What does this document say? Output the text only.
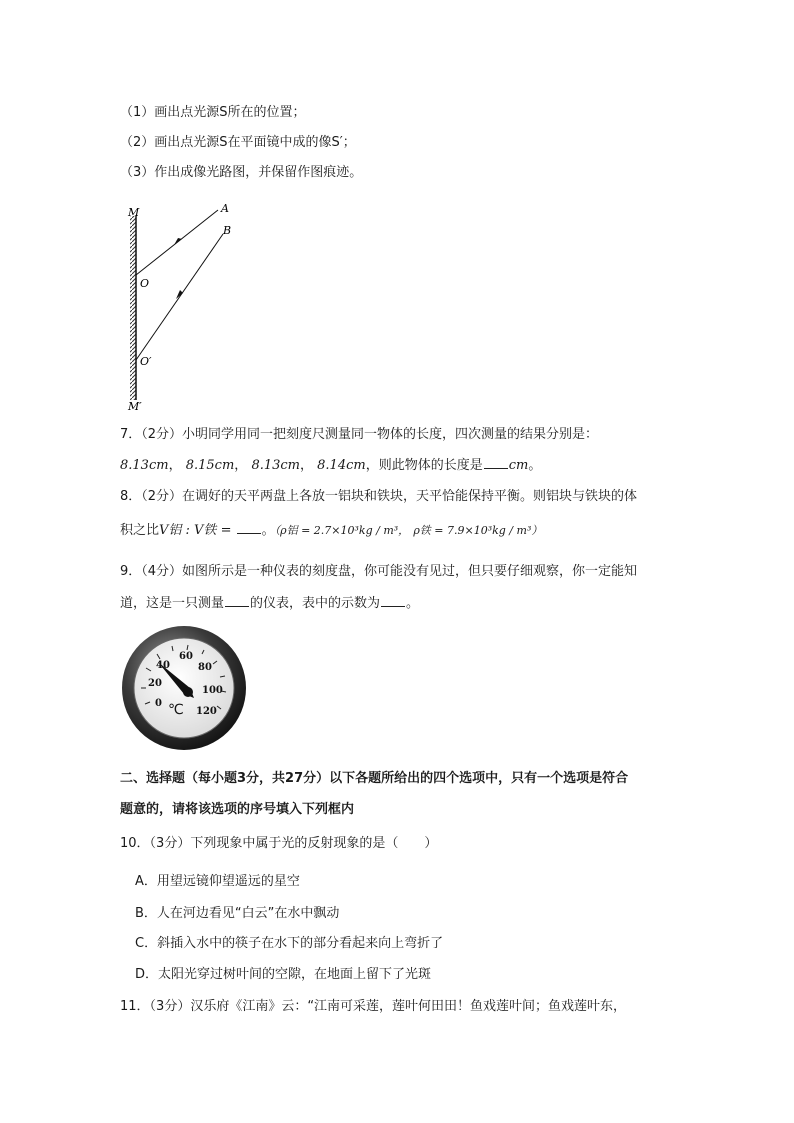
（1）画出点光源S所在的位置；
（2）画出点光源S在平面镜中成的像S′；
（3）作出成像光路图，并保留作图痕迹。
M	A
B
O
O′
M′
7．（2分）小明同学用同一把刻度尺测量同一物体的长度，四次测量的结果分别是：
8.13cm， 8.15cm， 8.13cm， 8.14cm，则此物体的长度是 cm。
8．（2分）在调好的天平两盘上各放一铝块和铁块，天平恰能保持平衡。则铝块与铁块的体
积之比V铝 : V铁 = 。（ρ铝 = 2.7×10³kg / m³， ρ铁 = 7.9×10³kg / m³）
9．（4分）如图所示是一种仪表的刻度盘，你可能没有见过，但只要仔细观察，你一定能知
道，这是一只测量 的仪表，表中的示数为 。
0
20
40
60
80
100
120
℃
二、选择题（每小题3分，共27分）以下各题所给出的四个选项中，只有一个选项是符合
题意的，请将该选项的序号填入下列框内
10．（3分）下列现象中属于光的反射现象的是（　　）
A．用望远镜仰望遥远的星空
B．人在河边看见“白云”在水中飘动
C．斜插入水中的筷子在水下的部分看起来向上弯折了
D．太阳光穿过树叶间的空隙，在地面上留下了光斑
11．（3分）汉乐府《江南》云：“江南可采莲，莲叶何田田！鱼戏莲叶间；鱼戏莲叶东，
